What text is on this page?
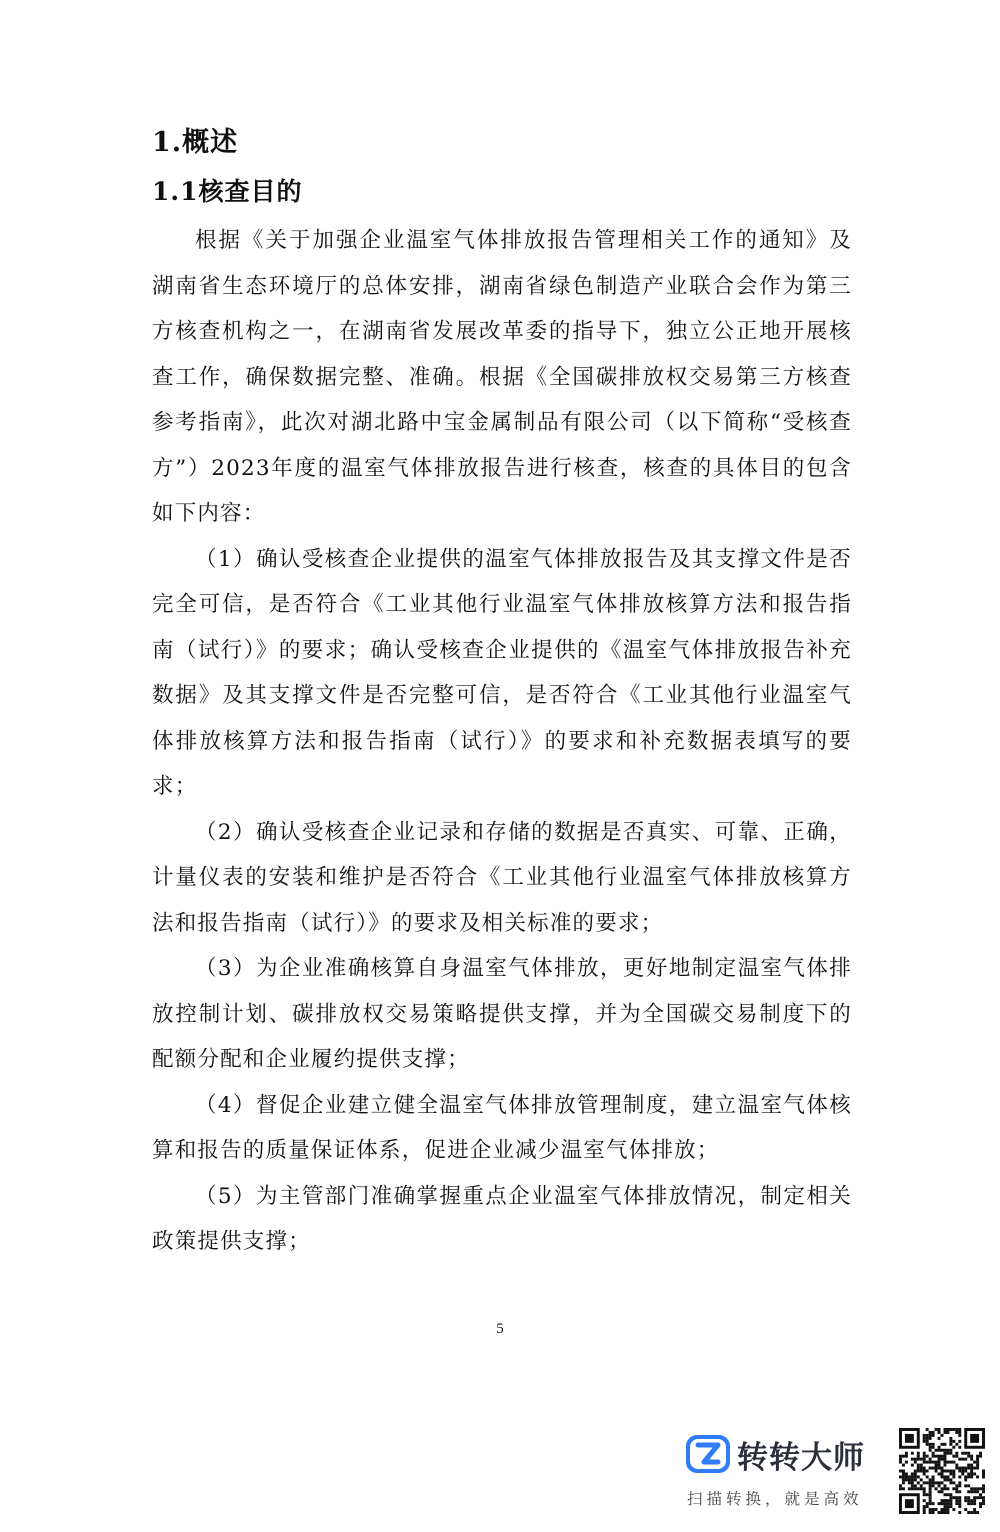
1.概述
1.1核查目的

根据《关于加强企业温室气体排放报告管理相关工作的通知》及湖南省生态环境厅的总体安排，湖南省绿色制造产业联合会作为第三方核查机构之一，在湖南省发展改革委的指导下，独立公正地开展核查工作，确保数据完整、准确。根据《全国碳排放权交易第三方核查参考指南》，此次对湖北路中宝金属制品有限公司（以下简称“受核查方”）2023年度的温室气体排放报告进行核查，核查的具体目的包含如下内容：

（1）确认受核查企业提供的温室气体排放报告及其支撑文件是否完全可信，是否符合《工业其他行业温室气体排放核算方法和报告指南（试行）》的要求；确认受核查企业提供的《温室气体排放报告补充数据》及其支撑文件是否完整可信，是否符合《工业其他行业温室气体排放核算方法和报告指南（试行）》的要求和补充数据表填写的要求；

（2）确认受核查企业记录和存储的数据是否真实、可靠、正确，计量仪表的安装和维护是否符合《工业其他行业温室气体排放核算方法和报告指南（试行）》的要求及相关标准的要求；

（3）为企业准确核算自身温室气体排放，更好地制定温室气体排放控制计划、碳排放权交易策略提供支撑，并为全国碳交易制度下的配额分配和企业履约提供支撑；

（4）督促企业建立健全温室气体排放管理制度，建立温室气体核算和报告的质量保证体系，促进企业减少温室气体排放；

（5）为主管部门准确掌握重点企业温室气体排放情况，制定相关政策提供支撑；

5
转转大师
扫描转换，就是高效
